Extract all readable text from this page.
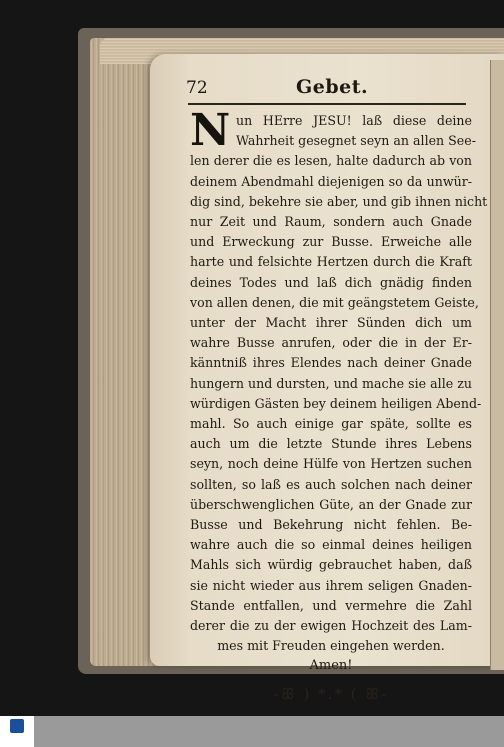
72	Gebet.
N un HErre JESU! laß diese deine
Wahrheit gesegnet seyn an allen See-
len derer die es lesen, halte dadurch ab von
deinem Abendmahl diejenigen so da unwür-
dig sind, bekehre sie aber, und gib ihnen nicht
nur Zeit und Raum, sondern auch Gnade
und Erweckung zur Busse. Erweiche alle
harte und felsichte Hertzen durch die Kraft
deines Todes und laß dich gnädig finden
von allen denen, die mit geängstetem Geiste,
unter der Macht ihrer Sünden dich um
wahre Busse anrufen, oder die in der Er-
känntniß ihres Elendes nach deiner Gnade
hungern und dursten, und mache sie alle zu
würdigen Gästen bey deinem heiligen Abend-
mahl. So auch einige gar späte, sollte es
auch um die letzte Stunde ihres Lebens
seyn, noch deine Hülfe von Hertzen suchen
sollten, so laß es auch solchen nach deiner
überschwenglichen Güte, an der Gnade zur
Busse und Bekehrung nicht fehlen. Be-
wahre auch die so einmal deines heiligen
Mahls sich würdig gebrauchet haben, daß
sie nicht wieder aus ihrem seligen Gnaden-
Stande entfallen, und vermehre die Zahl
derer die zu der ewigen Hochzeit des Lam-
mes mit Freuden eingehen werden.
Amen!
-ꕥ ) *.* ( ꕥ-
